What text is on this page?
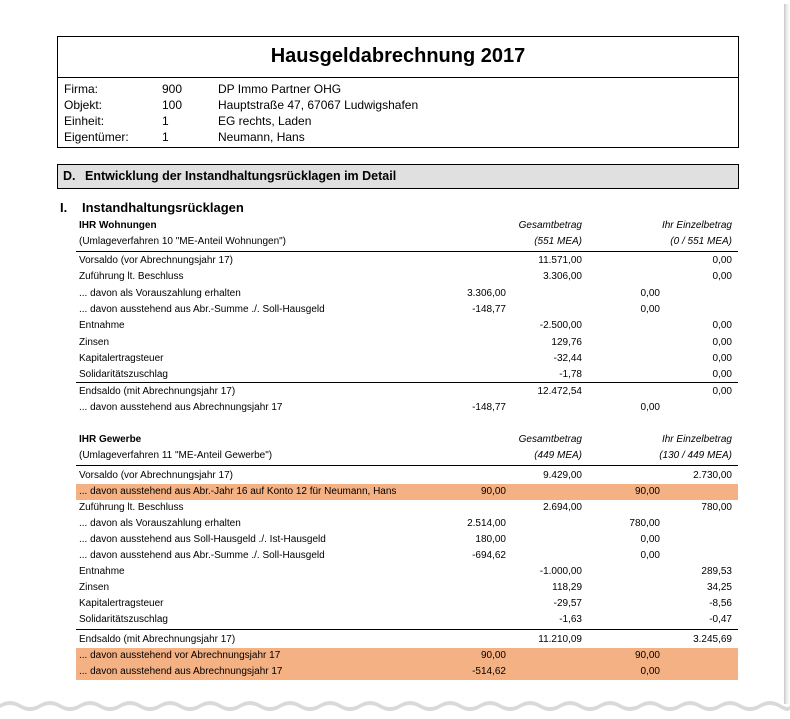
Hausgeldabrechnung 2017
Firma:	900	DP Immo Partner OHG
Objekt:	100	Hauptstraße 47, 67067 Ludwigshafen
Einheit:	1	EG rechts, Laden
Eigentümer:	1	Neumann, Hans
D. Entwicklung der Instandhaltungsrücklagen im Detail
I. Instandhaltungsrücklagen
IHR Wohnungen	Gesamtbetrag	Ihr Einzelbetrag
(Umlageverfahren 10 "ME-Anteil Wohnungen")	(551 MEA)	(0 / 551 MEA)
Vorsaldo (vor Abrechnungsjahr 17)	11.571,00	0,00
Zuführung lt. Beschluss	3.306,00	0,00
... davon als Vorauszahlung erhalten	3.306,00	0,00
... davon ausstehend aus Abr.-Summe ./. Soll-Hausgeld	-148,77	0,00
Entnahme	-2.500,00	0,00
Zinsen	129,76	0,00
Kapitalertragsteuer	-32,44	0,00
Solidaritätszuschlag	-1,78	0,00
Endsaldo (mit Abrechnungsjahr 17)	12.472,54	0,00
... davon ausstehend aus Abrechnungsjahr 17	-148,77	0,00
IHR Gewerbe	Gesamtbetrag	Ihr Einzelbetrag
(Umlageverfahren 11 "ME-Anteil Gewerbe")	(449 MEA)	(130 / 449 MEA)
Vorsaldo (vor Abrechnungsjahr 17)	9.429,00	2.730,00
... davon ausstehend aus Abr.-Jahr 16 auf Konto 12 für Neumann, Hans	90,00	90,00
Zuführung lt. Beschluss	2.694,00	780,00
... davon als Vorauszahlung erhalten	2.514,00	780,00
... davon ausstehend aus Soll-Hausgeld ./. Ist-Hausgeld	180,00	0,00
... davon ausstehend aus Abr.-Summe ./. Soll-Hausgeld	-694,62	0,00
Entnahme	-1.000,00	289,53
Zinsen	118,29	34,25
Kapitalertragsteuer	-29,57	-8,56
Solidaritätszuschlag	-1,63	-0,47
Endsaldo (mit Abrechnungsjahr 17)	11.210,09	3.245,69
... davon ausstehend vor Abrechnungsjahr 17	90,00	90,00
... davon ausstehend aus Abrechnungsjahr 17	-514,62	0,00
